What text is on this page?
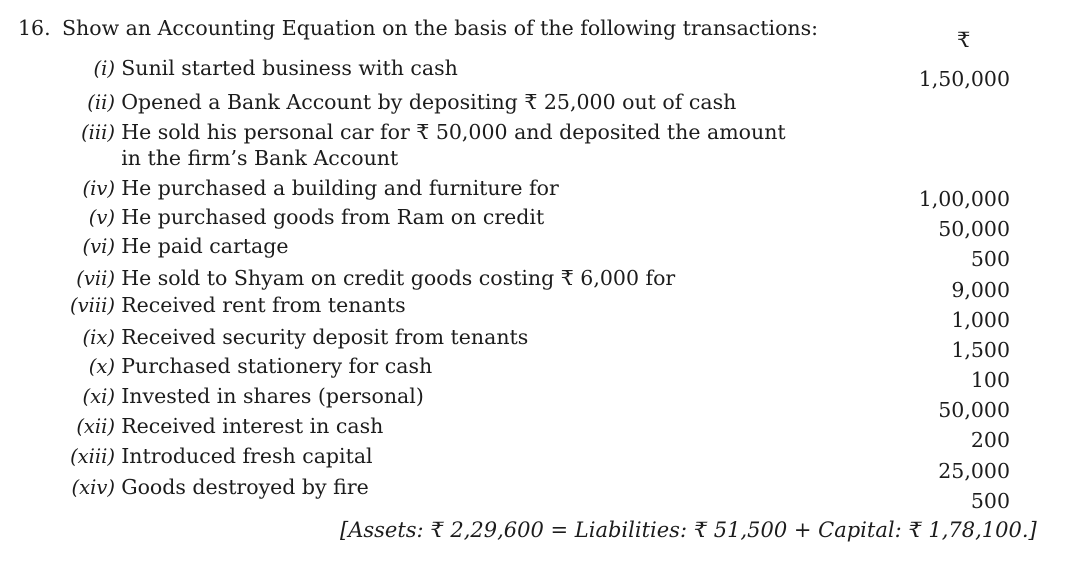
16. Show an Accounting Equation on the basis of the following transactions:	₹
(i) Sunil started business with cash
(ii) Opened a Bank Account by depositing ₹ 25,000 out of cash
(iii) He sold his personal car for ₹ 50,000 and deposited the amount
in the firm’s Bank Account
(iv) He purchased a building and furniture for
(v) He purchased goods from Ram on credit
(vi) He paid cartage
(vii) He sold to Shyam on credit goods costing ₹ 6,000 for
(viii) Received rent from tenants
(ix) Received security deposit from tenants
(x) Purchased stationery for cash
(xi) Invested in shares (personal)
(xii) Received interest in cash
(xiii) Introduced fresh capital
(xiv) Goods destroyed by fire
1,50,000
1,00,000
50,000
500
9,000
1,000
1,500
100
50,000
200
25,000
500
[Assets: ₹ 2,29,600 = Liabilities: ₹ 51,500 + Capital: ₹ 1,78,100.]
